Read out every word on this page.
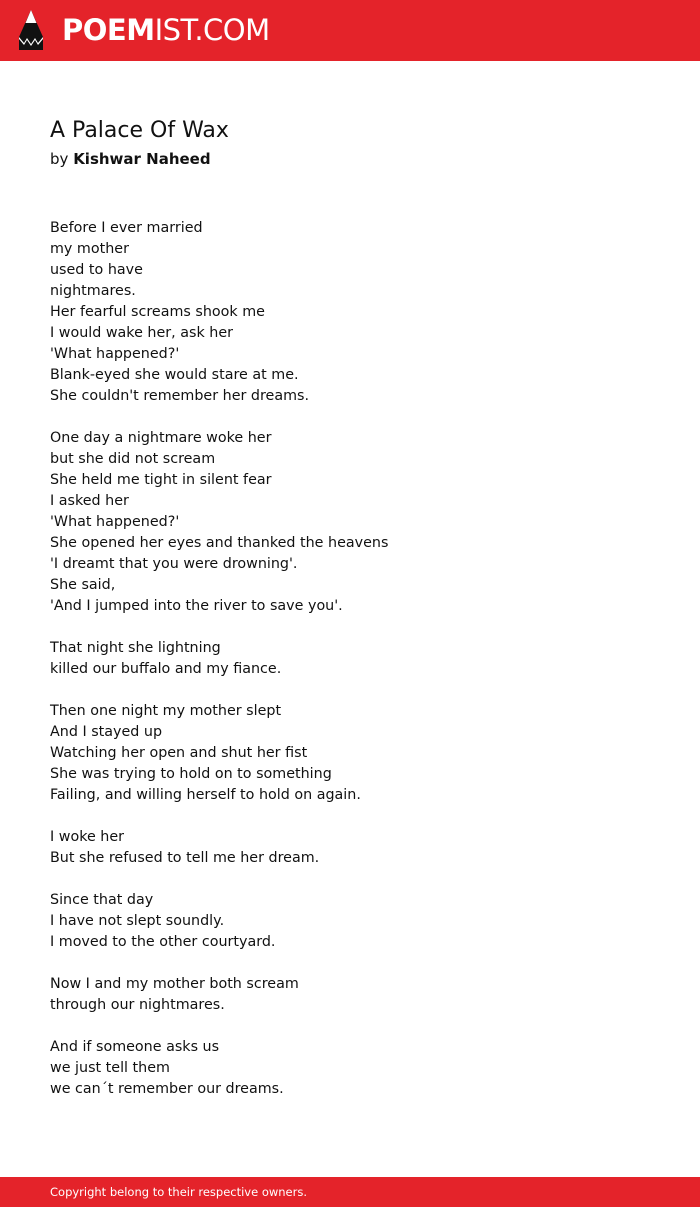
POEMIST.COM
A Palace Of Wax
by Kishwar Naheed
Before I ever married
my mother
used to have
nightmares.
Her fearful screams shook me
I would wake her, ask her
'What happened?'
Blank-eyed she would stare at me.
She couldn't remember her dreams.
One day a nightmare woke her
but she did not scream
She held me tight in silent fear
I asked her
'What happened?'
She opened her eyes and thanked the heavens
'I dreamt that you were drowning'.
She said,
'And I jumped into the river to save you'.
That night she lightning
killed our buffalo and my fiance.
Then one night my mother slept
And I stayed up
Watching her open and shut her fist
She was trying to hold on to something
Failing, and willing herself to hold on again.
I woke her
But she refused to tell me her dream.
Since that day
I have not slept soundly.
I moved to the other courtyard.
Now I and my mother both scream
through our nightmares.
And if someone asks us
we just tell them
we can´t remember our dreams.
Copyright belong to their respective owners.
